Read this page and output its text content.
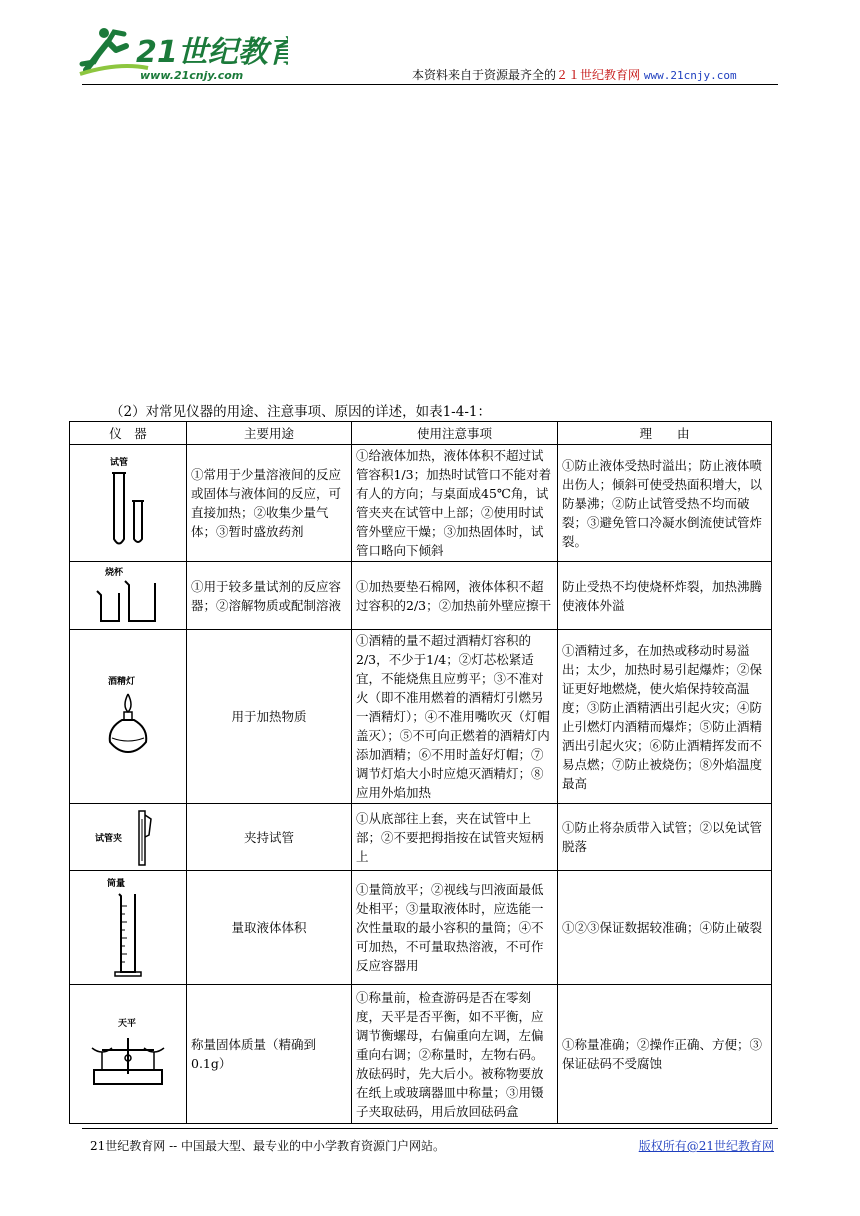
21世纪教育
www.21cnjy.com	本资料来自于资源最齐全的２１世纪教育网 www.21cnjy.com
（2）对常见仪器的用途、注意事项、原因的详述，如表1-4-1：
仪　器	主要用途	使用注意事项	理　　由

试管	①常用于少量溶液间的反应或固体与液体间的反应，可直接加热；②收集少量气体；③暂时盛放药剂	①给液体加热，液体体积不超过试管容积1/3；加热时试管口不能对着有人的方向；与桌面成45℃角，试管夹夹在试管中上部；②使用时试管外壁应干燥；③加热固体时，试管口略向下倾斜	①防止液体受热时溢出；防止液体喷出伤人；倾斜可使受热面积增大，以防暴沸；②防止试管受热不均而破裂；③避免管口冷凝水倒流使试管炸裂。

烧杯	①用于较多量试剂的反应容器；②溶解物质或配制溶液	①加热要垫石棉网，液体体积不超过容积的2/3；②加热前外壁应擦干	防止受热不均使烧杯炸裂，加热沸腾使液体外溢

酒精灯	用于加热物质	①酒精的量不超过酒精灯容积的2/3，不少于1/4；②灯芯松紧适宜，不能烧焦且应剪平；③不准对火（即不准用燃着的酒精灯引燃另一酒精灯）；④不准用嘴吹灭（灯帽盖灭）；⑤不可向正燃着的酒精灯内添加酒精；⑥不用时盖好灯帽；⑦调节灯焰大小时应熄灭酒精灯；⑧应用外焰加热	①酒精过多，在加热或移动时易溢出；太少，加热时易引起爆炸；②保证更好地燃烧，使火焰保持较高温度；③防止酒精洒出引起火灾；④防止引燃灯内酒精而爆炸；⑤防止酒精洒出引起火灾；⑥防止酒精挥发而不易点燃；⑦防止被烧伤；⑧外焰温度最高

试管夹	夹持试管	①从底部往上套，夹在试管中上部；②不要把拇指按在试管夹短柄上	①防止将杂质带入试管；②以免试管脱落

筒量	量取液体体积	①量筒放平；②视线与凹液面最低处相平；③量取液体时，应选能一次性量取的最小容积的量筒；④不可加热，不可量取热溶液，不可作反应容器用	①②③保证数据较准确；④防止破裂

天平	称量固体质量（精确到0.1g）	①称量前，检查游码是否在零刻度，天平是否平衡，如不平衡，应调节衡螺母，右偏重向左调，左偏重向右调；②称量时，左物右码。放砝码时，先大后小。被称物要放在纸上或玻璃器皿中称量；③用镊子夹取砝码，用后放回砝码盒	①称量准确；②操作正确、方便；③保证砝码不受腐蚀
21世纪教育网 -- 中国最大型、最专业的中小学教育资源门户网站。	版权所有@21世纪教育网
